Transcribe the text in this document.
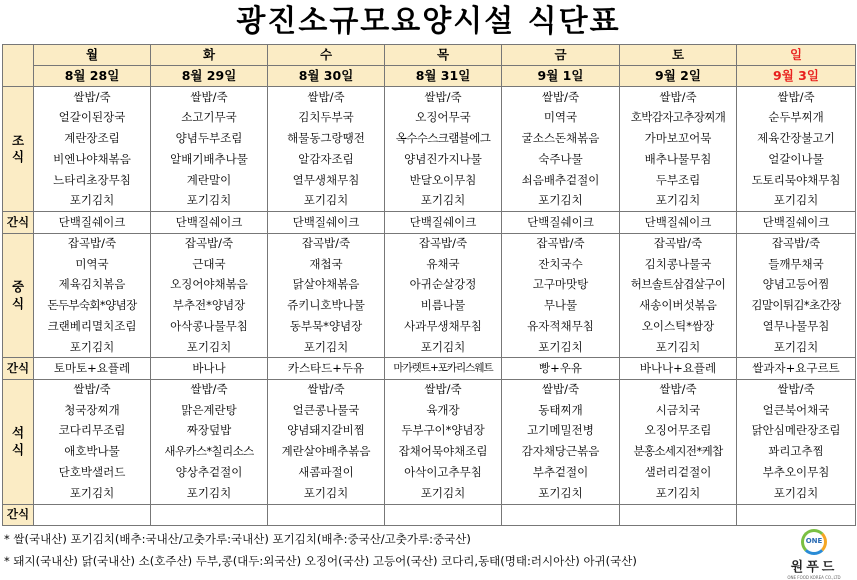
광진소규모요양시설 식단표
	월	화	수	목	금	토	일
	8월 28일	8월 29일	8월 30일	8월 31일	9월 1일	9월 2일	9월 3일

조
식	쌀밥/죽	쌀밥/죽	쌀밥/죽	쌀밥/죽	쌀밥/죽	쌀밥/죽	쌀밥/죽
	얼갈이된장국	소고기무국	김치두부국	오징어무국	미역국	호박감자고추장찌개	순두부찌개
	계란장조림	양념두부조림	해물동그랑땡전	옥수수스크램블에그	굴소스돈채볶음	가마보꼬어묵	제육간장불고기
	비엔나야채볶음	알배기배추나물	알감자조림	양념진가지나물	숙주나물	배추나물무침	얼갈이나물
	느타리초장무침	계란말이	열무생채무침	반달오이무침	쇠음배추겉절이	두부조림	도토리묵야채무침
	포기김치	포기김치	포기김치	포기김치	포기김치	포기김치	포기김치
간식	단백질쉐이크	단백질쉐이크	단백질쉐이크	단백질쉐이크	단백질쉐이크	단백질쉐이크	단백질쉐이크

중
식	잡곡밥/죽	잡곡밥/죽	잡곡밥/죽	잡곡밥/죽	잡곡밥/죽	잡곡밥/죽	잡곡밥/죽
	미역국	근대국	재첩국	유채국	잔치국수	김치콩나물국	들깨무채국
	제육김치볶음	오징어야채볶음	닭살야채볶음	아귀순살강정	고구마맛탕	허브솔트삼겹살구이	양념고등어찜
	돈두부숙회*양념장	부추전*양념장	쥬키니호박나물	비름나물	무나물	새송이버섯볶음	김말이튀김*초간장
	크랜베리멸치조림	아삭콩나물무침	동부묵*양념장	사과무생채무침	유자적채무침	오이스틱*쌈장	열무나물무침
	포기김치	포기김치	포기김치	포기김치	포기김치	포기김치	포기김치
간식	토마토+요플레	바나나	카스타드+두유	마가렛트+포카리스웨트	빵+우유	바나나+요플레	쌀과자+요구르트

석
식	쌀밥/죽	쌀밥/죽	쌀밥/죽	쌀밥/죽	쌀밥/죽	쌀밥/죽	쌀밥/죽
	청국장찌개	맑은계란탕	얼큰콩나물국	육개장	동태찌개	시금치국	얼큰북어채국
	코다리무조림	짜장덮밥	양념돼지갈비찜	두부구이*양념장	고기메밀전병	오징어무조림	닭안심메란장조림
	애호박나물	새우카스*칠리소스	계란살야배추볶음	잡채어묵야채조림	감자채당근볶음	분홍소세지전*케찹	꽈리고추찜
	단호박샐러드	양상추겉절이	새콤파절이	아삭이고추무침	부추겉절이	샐러리겉절이	부추오이무침
	포기김치	포기김치	포기김치	포기김치	포기김치	포기김치	포기김치
간식							
* 쌀(국내산) 포기김치(배추:국내산/고춧가루:국내산) 포기김치(배추:중국산/고춧가루:중국산)
* 돼지(국내산) 닭(국내산) 소(호주산) 두부,콩(대두:외국산) 오징어(국산) 고등어(국산) 코다리,동태(명태:러시아산) 아귀(국산)
ONE
원푸드
ONE FOOD KOREA CO.,LTD
